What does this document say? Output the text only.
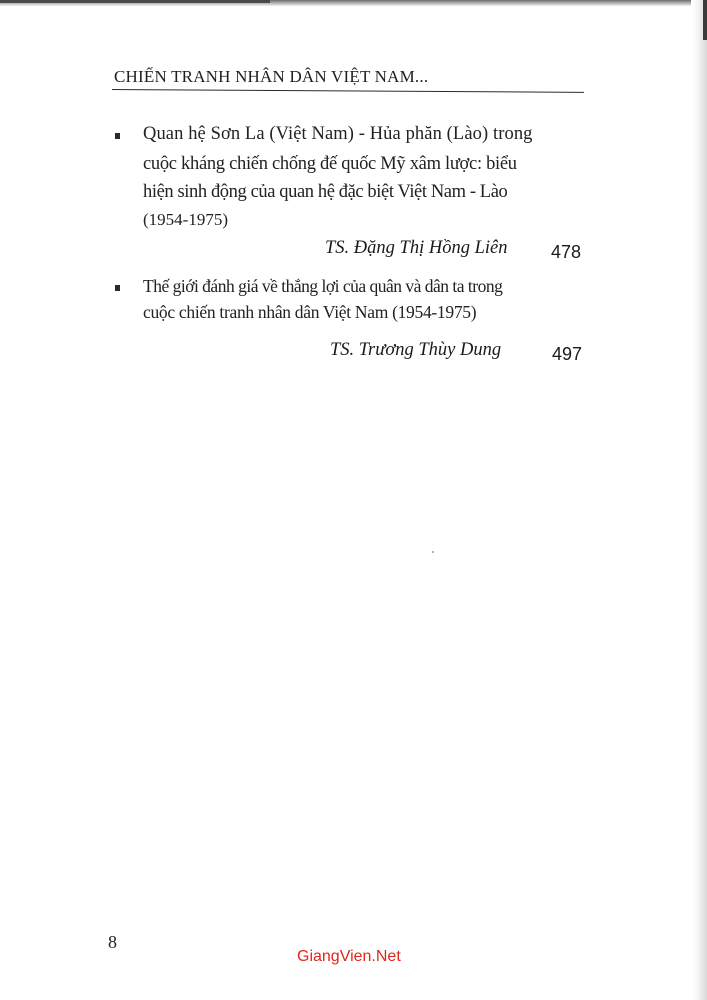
CHIẾN TRANH NHÂN DÂN VIỆT NAM...
Quan hệ Sơn La (Việt Nam) - Hủa phăn (Lào) trong
cuộc kháng chiến chống đế quốc Mỹ xâm lược: biểu
hiện sinh động của quan hệ đặc biệt Việt Nam - Lào
(1954-1975)
TS. Đặng Thị Hồng Liên 478
Thế giới đánh giá về thắng lợi của quân và dân ta trong
cuộc chiến tranh nhân dân Việt Nam (1954-1975)
TS. Trương Thùy Dung	497
8
GiangVien.Net
